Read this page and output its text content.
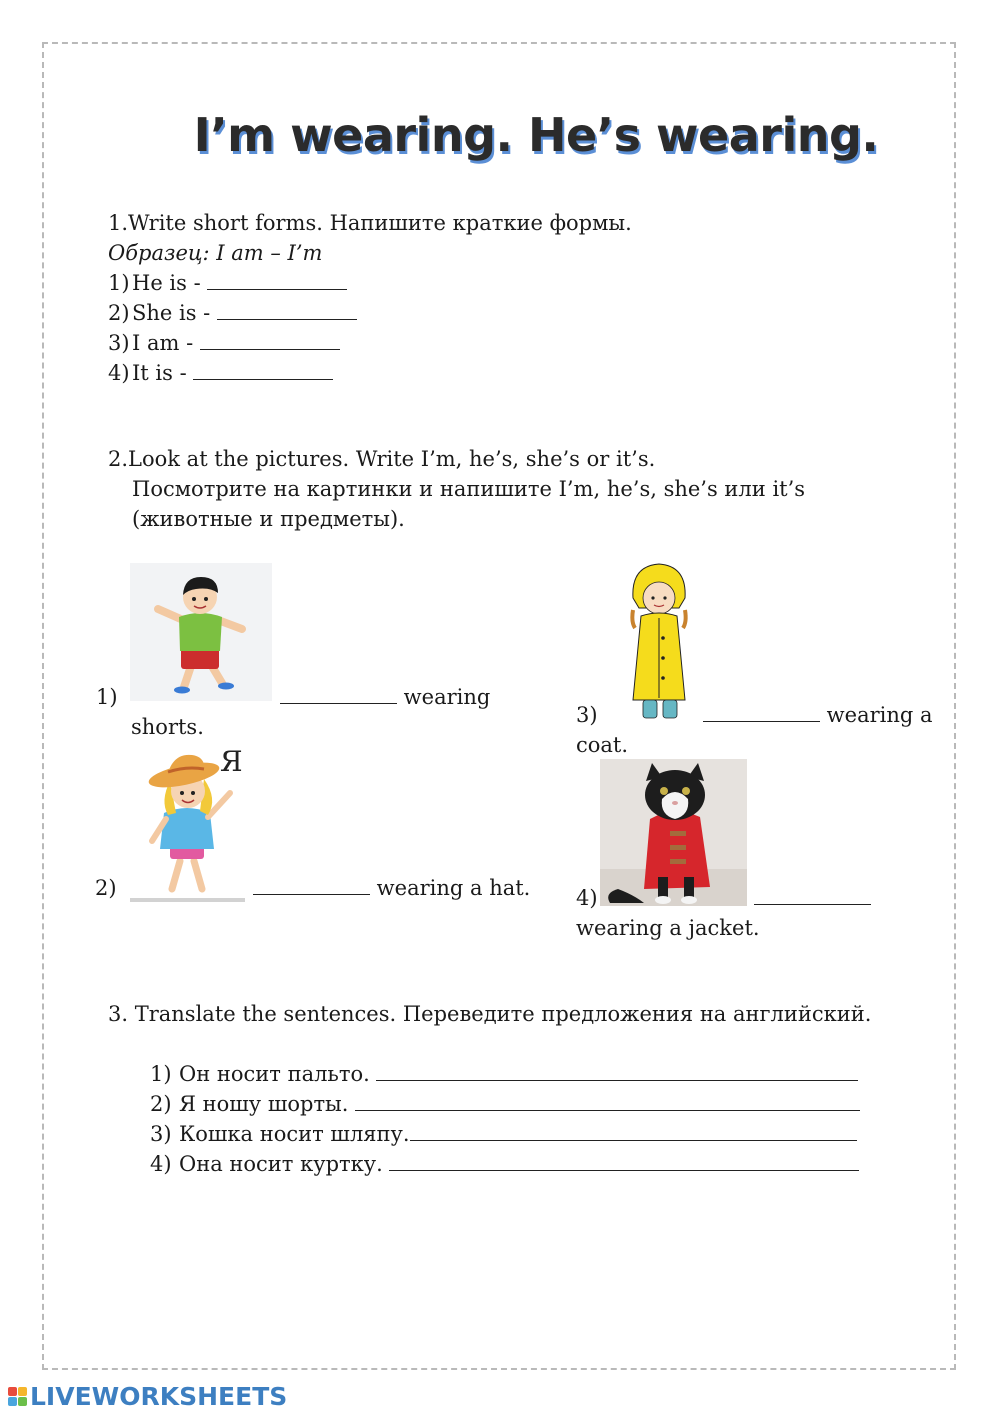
I’m wearing. He’s wearing.
1.Write short forms. Напишите краткие формы.
Образец: I am – I’m
1) He is -
2) She is -
3) I am -
4) It is -
2.Look at the pictures. Write I’m, he’s, she’s or it’s.
Посмотрите на картинки и напишите I’m, he’s, she’s или it’s
(животные и предметы).
1)	wearing
shorts.
Я
2)	wearing a hat.
3)	wearing a
coat.
4)
wearing a jacket.
3. Translate the sentences. Переведите предложения на английский.
1) Он носит пальто.
2) Я ношу шорты.
3) Кошка носит шляпу.
4) Она носит куртку.
LIVEWORKSHEETS
